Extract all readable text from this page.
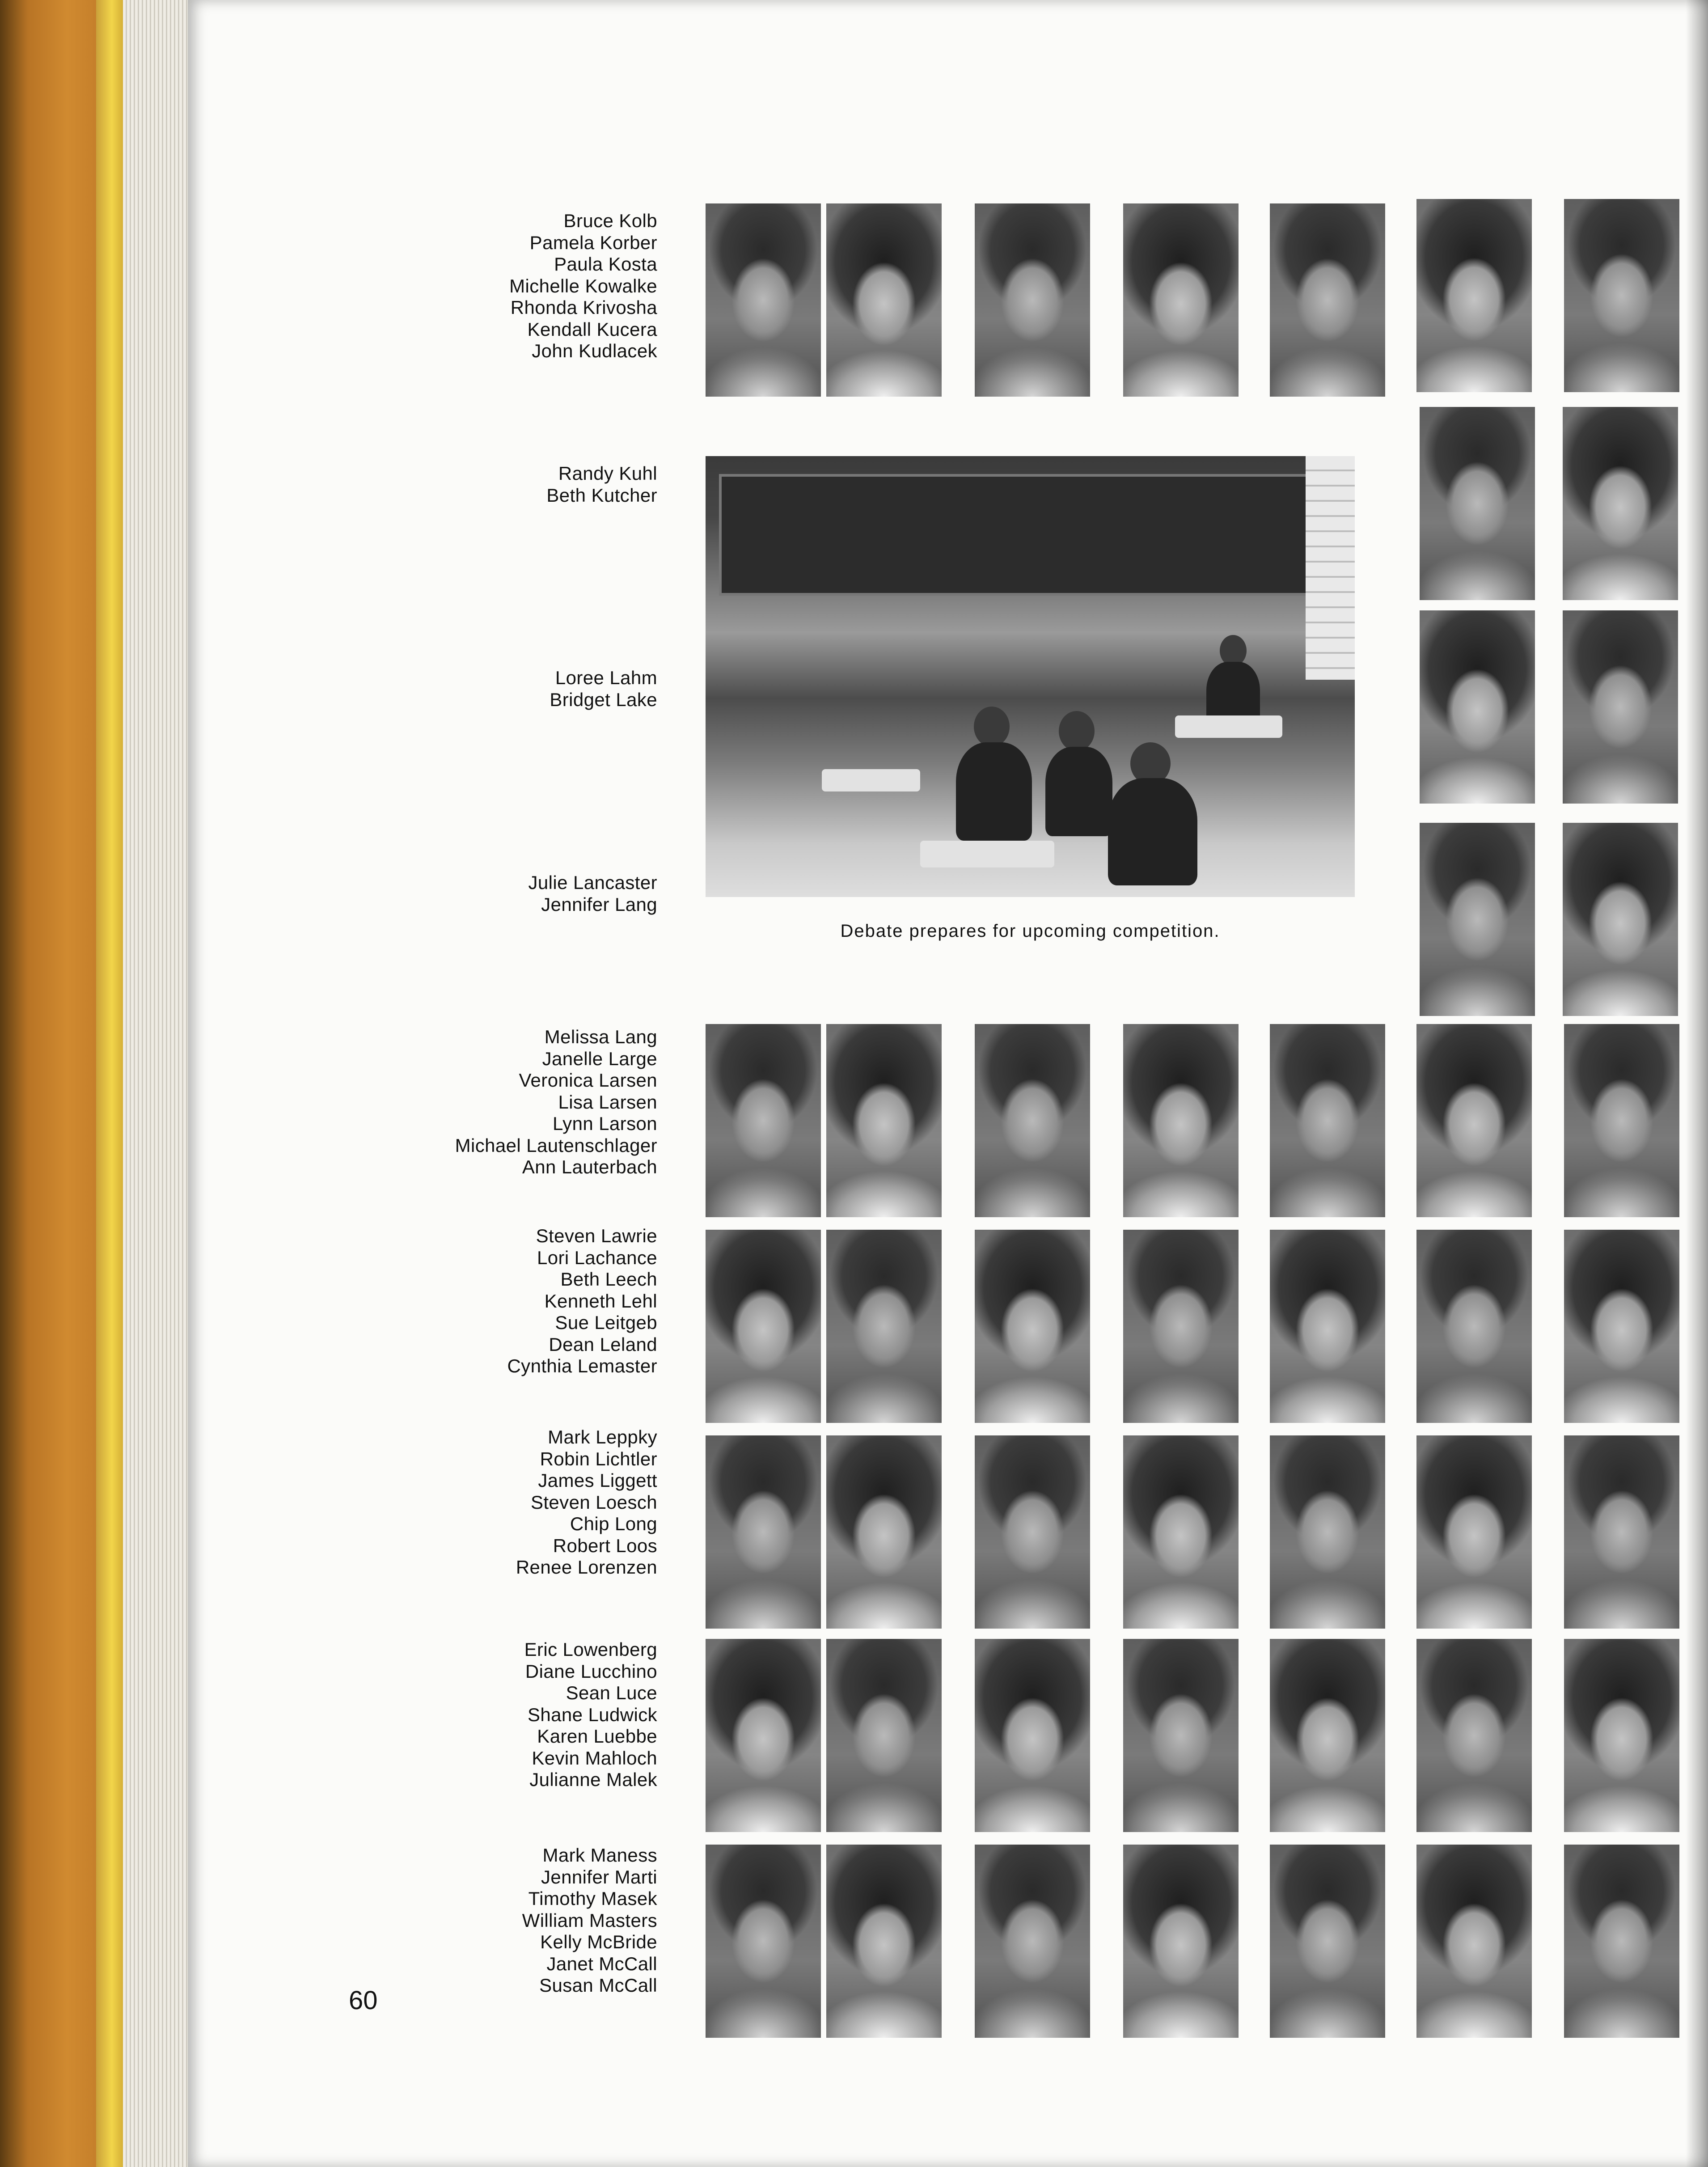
Bruce Kolb
Pamela Korber
Paula Kosta
Michelle Kowalke
Rhonda Krivosha
Kendall Kucera
John Kudlacek
Randy Kuhl
Beth Kutcher
Loree Lahm
Bridget Lake
Julie Lancaster
Jennifer Lang
Melissa Lang
Janelle Large
Veronica Larsen
Lisa Larsen
Lynn Larson
Michael Lautenschlager
Ann Lauterbach
Steven Lawrie
Lori Lachance
Beth Leech
Kenneth Lehl
Sue Leitgeb
Dean Leland
Cynthia Lemaster
Mark Leppky
Robin Lichtler
James Liggett
Steven Loesch
Chip Long
Robert Loos
Renee Lorenzen
Eric Lowenberg
Diane Lucchino
Sean Luce
Shane Ludwick
Karen Luebbe
Kevin Mahloch
Julianne Malek
Mark Maness
Jennifer Marti
Timothy Masek
William Masters
Kelly McBride
Janet McCall
Susan McCall
Debate prepares for upcoming competition.
60
